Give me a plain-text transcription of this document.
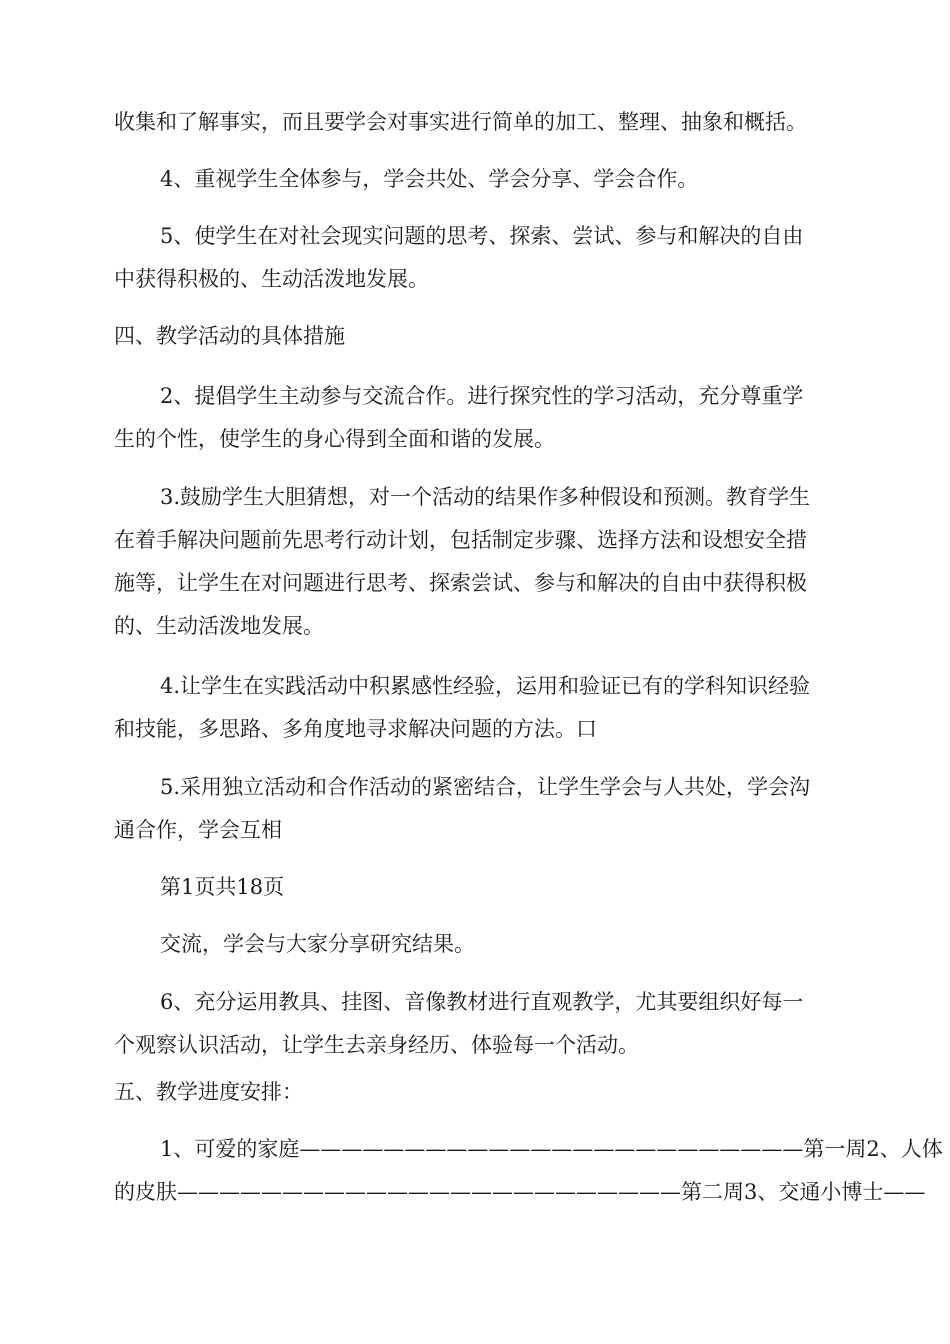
收集和了解事实，而且要学会对事实进行简单的加工、整理、抽象和概括。

4、重视学生全体参与，学会共处、学会分享、学会合作。

5、使学生在对社会现实问题的思考、探索、尝试、参与和解决的自由

中获得积极的、生动活泼地发展。

四、教学活动的具体措施

2、提倡学生主动参与交流合作。进行探究性的学习活动，充分尊重学

生的个性，使学生的身心得到全面和谐的发展。

3.鼓励学生大胆猜想，对一个活动的结果作多种假设和预测。教育学生

在着手解决问题前先思考行动计划，包括制定步骤、选择方法和设想安全措

施等，让学生在对问题进行思考、探索尝试、参与和解决的自由中获得积极

的、生动活泼地发展。

4.让学生在实践活动中积累感性经验，运用和验证已有的学科知识经验

和技能，多思路、多角度地寻求解决问题的方法。口

5.采用独立活动和合作活动的紧密结合，让学生学会与人共处，学会沟

通合作，学会互相

第1页共18页

交流，学会与大家分享研究结果。

6、充分运用教具、挂图、音像教材进行直观教学，尤其要组织好每一

个观察认识活动，让学生去亲身经历、体验每一个活动。

五、教学进度安排：

1、可爱的家庭————————————————————————第一周2、人体

的皮肤————————————————————————第二周3、交通小博士——
